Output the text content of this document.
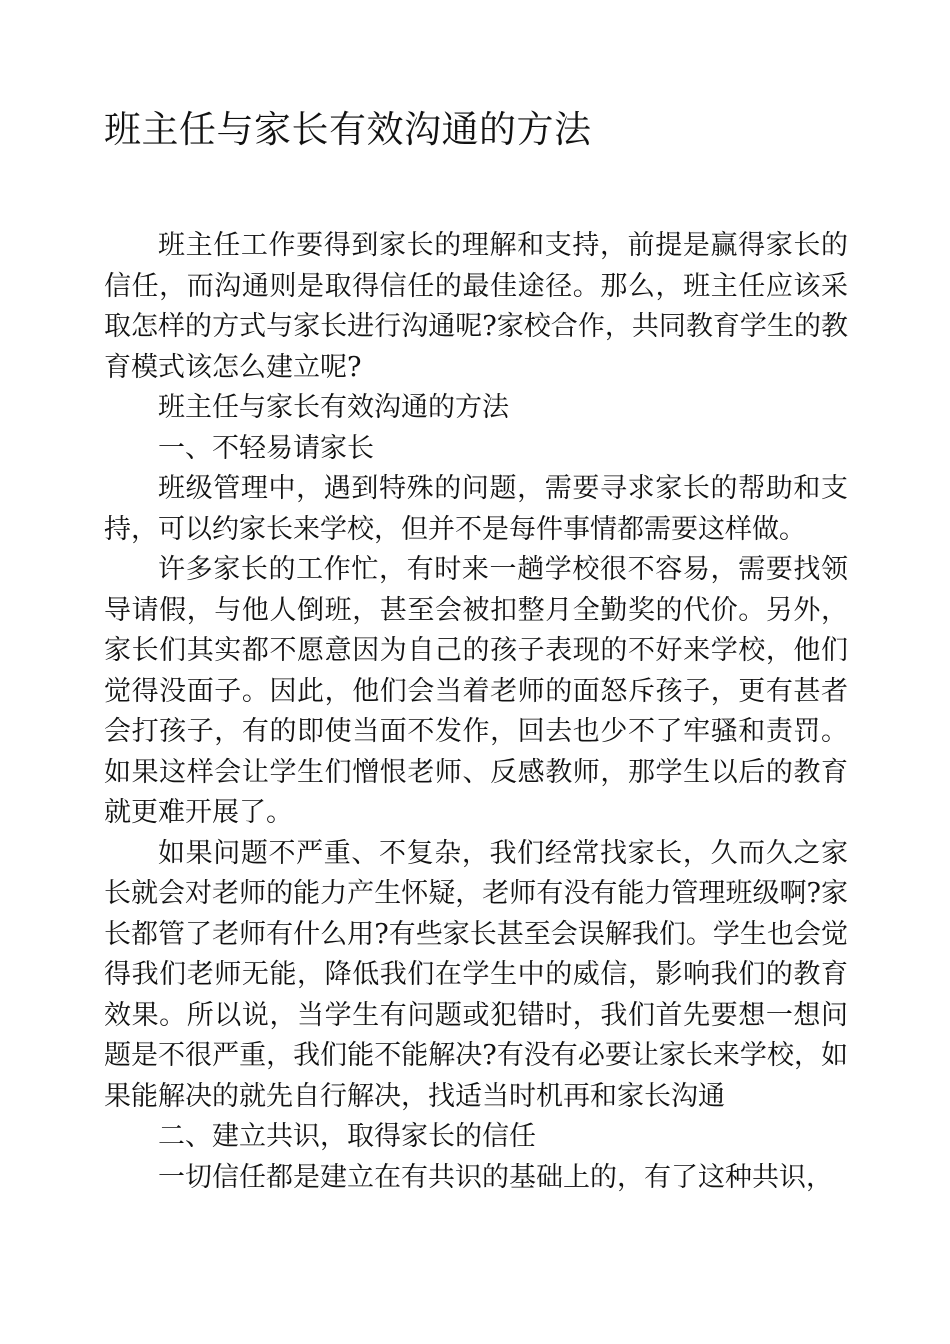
班主任与家长有效沟通的方法

班主任工作要得到家长的理解和支持，前提是赢得家长的信任，而沟通则是取得信任的最佳途径。那么，班主任应该采取怎样的方式与家长进行沟通呢?家校合作，共同教育学生的教育模式该怎么建立呢?

班主任与家长有效沟通的方法

一、不轻易请家长

班级管理中，遇到特殊的问题，需要寻求家长的帮助和支持，可以约家长来学校，但并不是每件事情都需要这样做。

许多家长的工作忙，有时来一趟学校很不容易，需要找领导请假，与他人倒班，甚至会被扣整月全勤奖的代价。另外，家长们其实都不愿意因为自己的孩子表现的不好来学校，他们觉得没面子。因此，他们会当着老师的面怒斥孩子，更有甚者会打孩子，有的即使当面不发作，回去也少不了牢骚和责罚。如果这样会让学生们憎恨老师、反感教师，那学生以后的教育就更难开展了。

如果问题不严重、不复杂，我们经常找家长，久而久之家长就会对老师的能力产生怀疑，老师有没有能力管理班级啊?家长都管了老师有什么用?有些家长甚至会误解我们。学生也会觉得我们老师无能，降低我们在学生中的威信，影响我们的教育效果。所以说，当学生有问题或犯错时，我们首先要想一想问题是不很严重，我们能不能解决?有没有必要让家长来学校，如果能解决的就先自行解决，找适当时机再和家长沟通

二、建立共识，取得家长的信任

一切信任都是建立在有共识的基础上的，有了这种共识，
